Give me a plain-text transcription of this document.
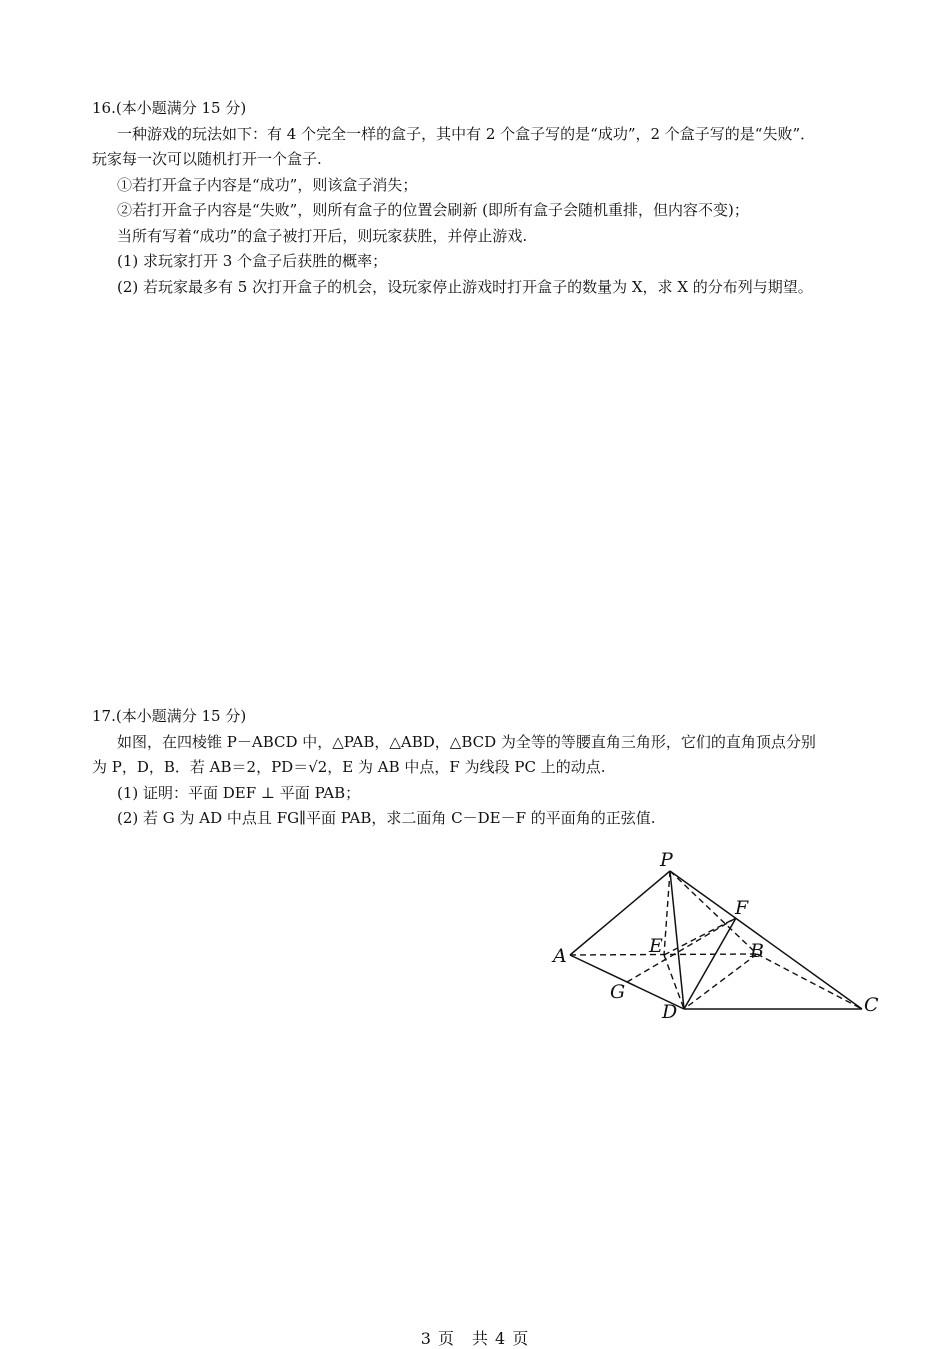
16.(本小题满分 15 分)

一种游戏的玩法如下：有 4 个完全一样的盒子，其中有 2 个盒子写的是“成功”，2 个盒子写的是“失败”．

玩家每一次可以随机打开一个盒子.

①若打开盒子内容是“成功”，则该盒子消失；

②若打开盒子内容是“失败”，则所有盒子的位置会刷新 (即所有盒子会随机重排，但内容不变)；

当所有写着“成功”的盒子被打开后，则玩家获胜，并停止游戏.

(1) 求玩家打开 3 个盒子后获胜的概率；

(2) 若玩家最多有 5 次打开盒子的机会，设玩家停止游戏时打开盒子的数量为 X，求 X 的分布列与期望。

17.(本小题满分 15 分)

如图，在四棱锥 P－ABCD 中，△PAB，△ABD，△BCD 为全等的等腰直角三角形，它们的直角顶点分别

为 P，D，B．若 AB＝2，PD＝√2，E 为 AB 中点，F 为线段 PC 上的动点.

(1) 证明：平面 DEF ⊥ 平面 PAB；

(2) 若 G 为 AD 中点且 FG∥平面 PAB，求二面角 C－DE－F 的平面角的正弦值.

P
A	B
C
D
E
F
G
3 页　共 4 页
